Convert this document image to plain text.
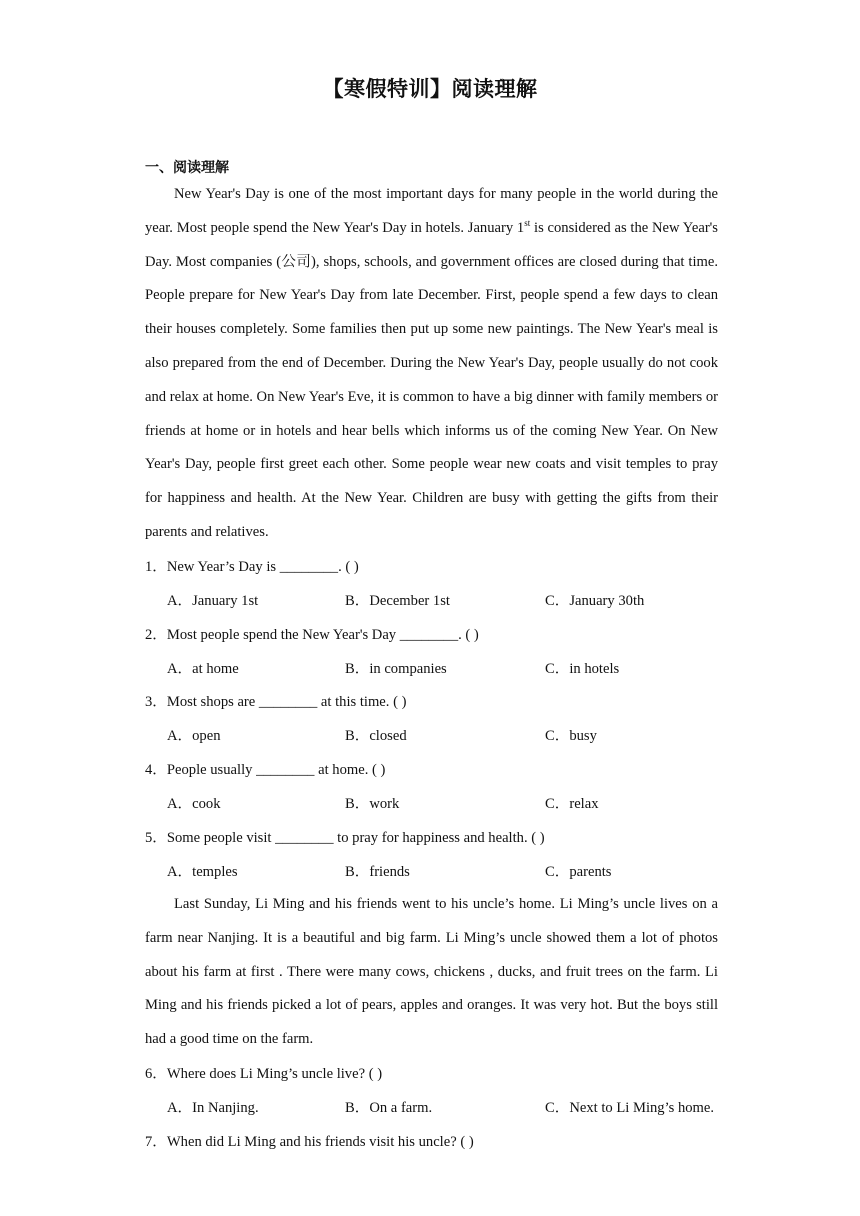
【寒假特训】阅读理解
一、阅读理解
New Year's Day is one of the most important days for many people in the world during the year. Most people spend the New Year's Day in hotels. January 1st is considered as the New Year's Day. Most companies (公司), shops, schools, and government offices are closed during that time. People prepare for New Year's Day from late December. First, people spend a few days to clean their houses completely. Some families then put up some new paintings. The New Year's meal is also prepared from the end of December. During the New Year's Day, people usually do not cook and relax at home. On New Year's Eve, it is common to have a big dinner with family members or friends at home or in hotels and hear bells which informs us of the coming New Year. On New Year's Day, people first greet each other. Some people wear new coats and visit temples to pray for happiness and health. At the New Year. Children are busy with getting the gifts from their parents and relatives.
1．New Year’s Day is ________. ( )
A．January 1st	B．December 1st	C．January 30th
2．Most people spend the New Year's Day ________. ( )
A．at home	B．in companies	C．in hotels
3．Most shops are ________ at this time. ( )
A．open	B．closed	C．busy
4．People usually ________ at home. ( )
A．cook	B．work	C．relax
5．Some people visit ________ to pray for happiness and health. ( )
A．temples	B．friends	C．parents
Last Sunday, Li Ming and his friends went to his uncle’s home. Li Ming’s uncle lives on a farm near Nanjing. It is a beautiful and big farm. Li Ming’s uncle showed them a lot of photos about his farm at first . There were many cows, chickens , ducks, and fruit trees on the farm. Li Ming and his friends picked a lot of pears, apples and oranges. It was very hot. But the boys still had a good time on the farm.
6．Where does Li Ming’s uncle live? ( )
A．In Nanjing.	B．On a farm.	C．Next to Li Ming’s home.
7．When did Li Ming and his friends visit his uncle? ( )
